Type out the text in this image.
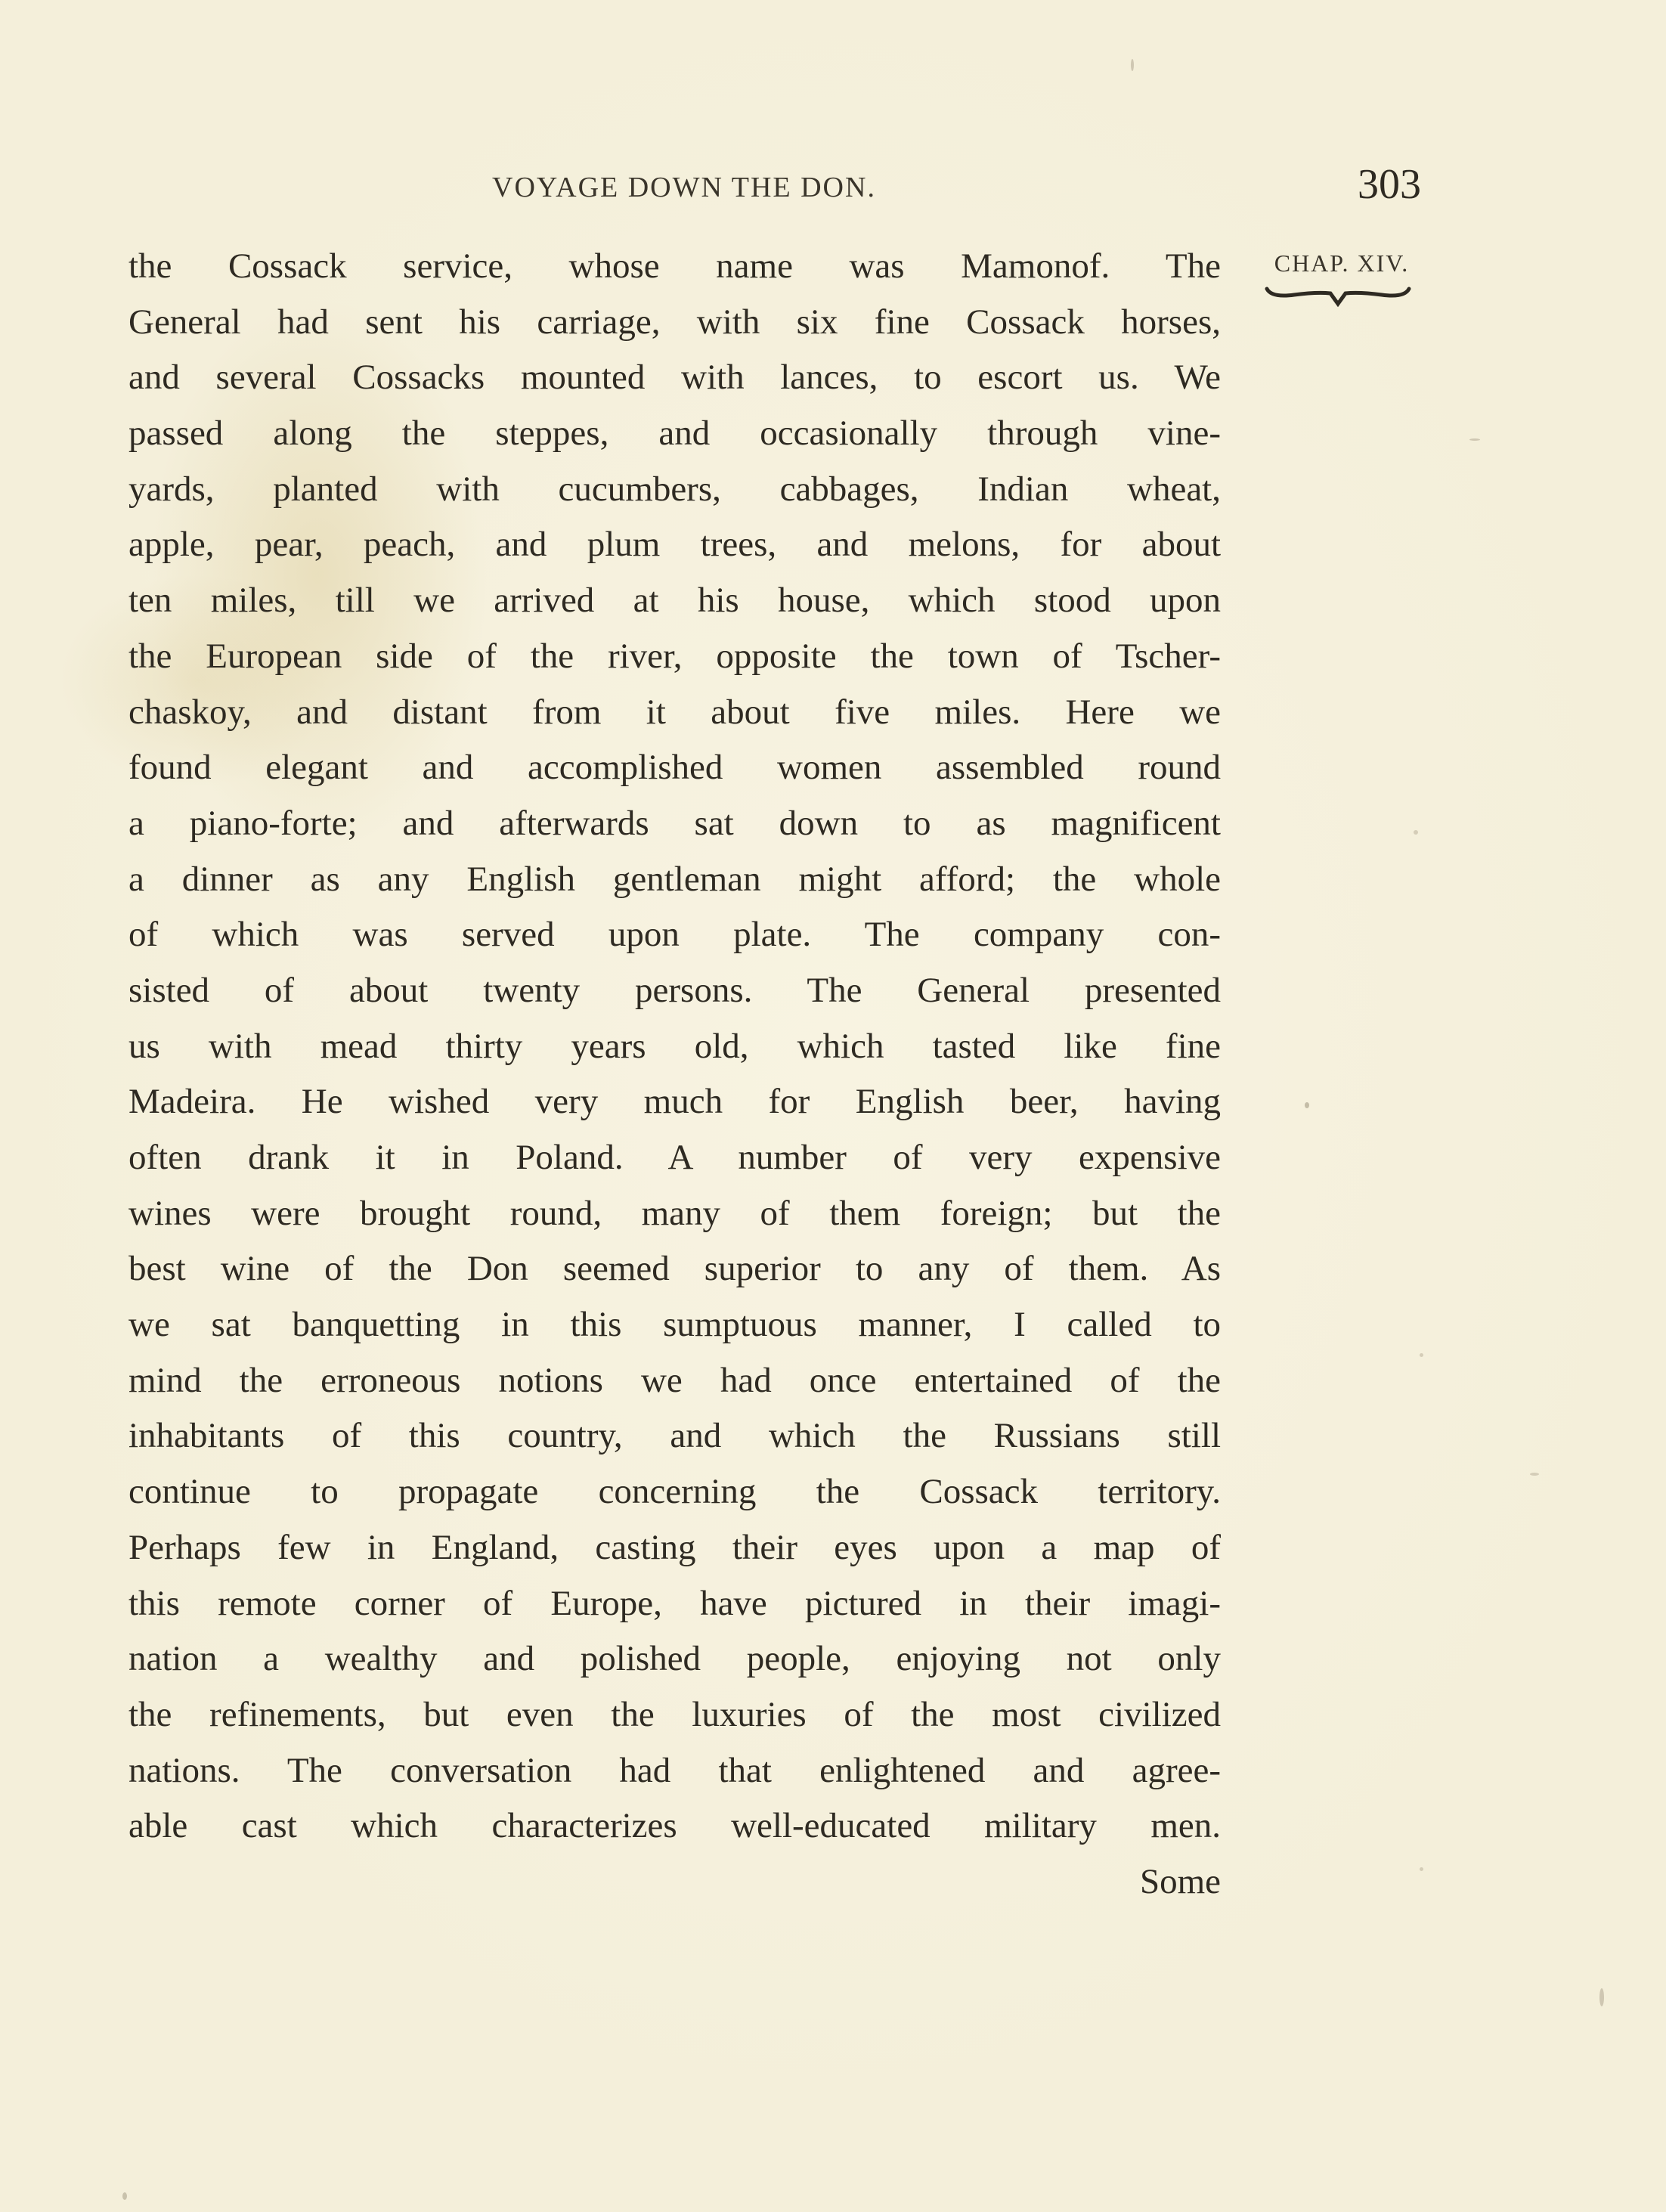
VOYAGE DOWN THE DON.	303
CHAP. XIV.
the Cossack service, whose name was Mamonof. The
General had sent his carriage, with six fine Cossack horses,
and several Cossacks mounted with lances, to escort us. We
passed along the steppes, and occasionally through vine-
yards, planted with cucumbers, cabbages, Indian wheat,
apple, pear, peach, and plum trees, and melons, for about
ten miles, till we arrived at his house, which stood upon
the European side of the river, opposite the town of Tscher-
chaskoy, and distant from it about five miles. Here we
found elegant and accomplished women assembled round
a piano-forte; and afterwards sat down to as magnificent
a dinner as any English gentleman might afford; the whole
of which was served upon plate. The company con-
sisted of about twenty persons. The General presented
us with mead thirty years old, which tasted like fine
Madeira. He wished very much for English beer, having
often drank it in Poland. A number of very expensive
wines were brought round, many of them foreign; but the
best wine of the Don seemed superior to any of them. As
we sat banquetting in this sumptuous manner, I called to
mind the erroneous notions we had once entertained of the
inhabitants of this country, and which the Russians still
continue to propagate concerning the Cossack territory.
Perhaps few in England, casting their eyes upon a map of
this remote corner of Europe, have pictured in their imagi-
nation a wealthy and polished people, enjoying not only
the refinements, but even the luxuries of the most civilized
nations. The conversation had that enlightened and agree-
able cast which characterizes well-educated military men.
Some
